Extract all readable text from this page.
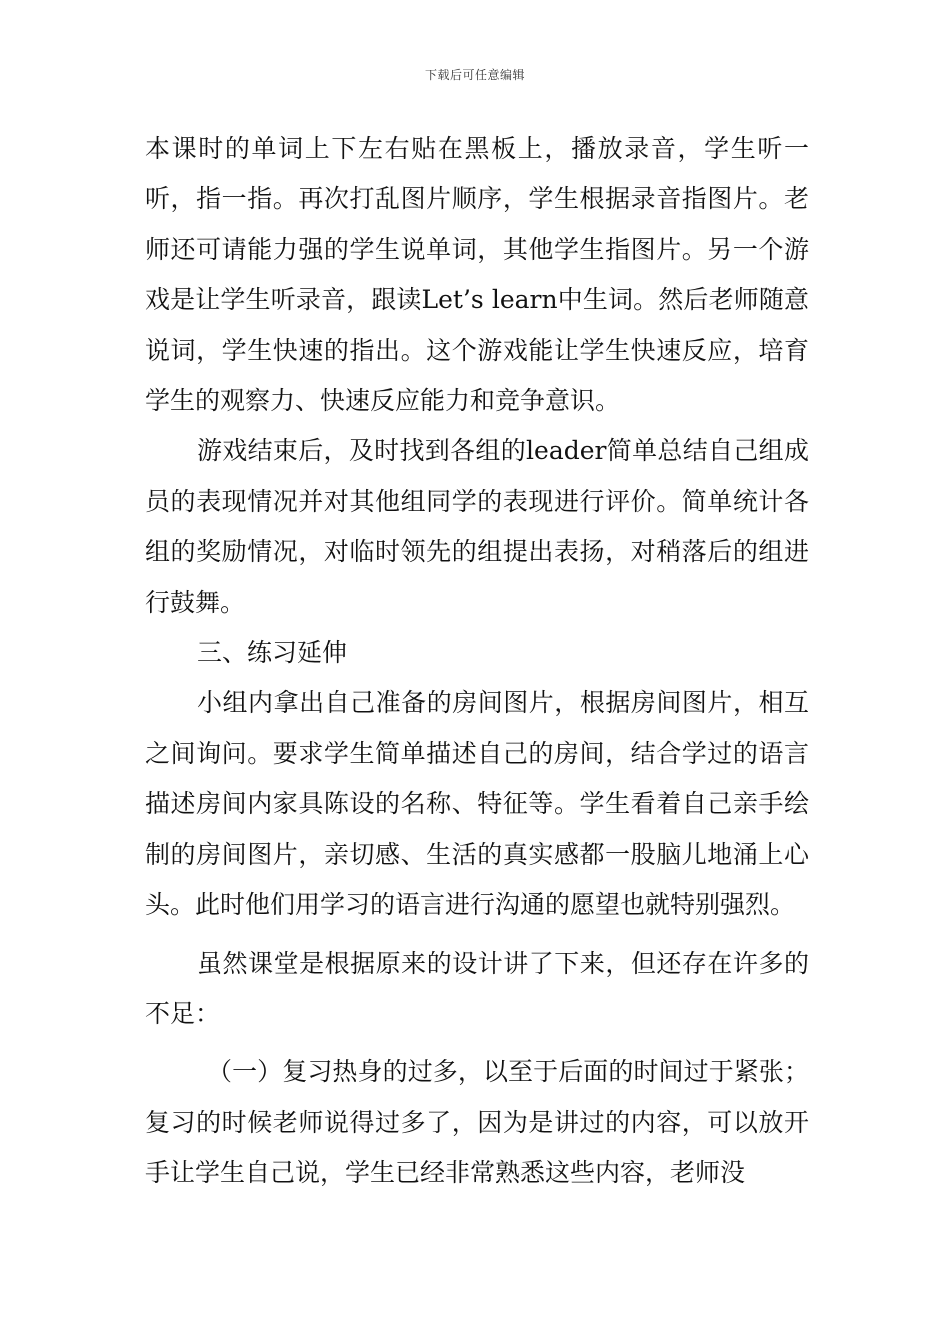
下载后可任意编辑

本课时的单词上下左右贴在黑板上，播放录音，学生听一听，指一指。再次打乱图片顺序，学生根据录音指图片。老师还可请能力强的学生说单词，其他学生指图片。另一个游戏是让学生听录音，跟读Let’s learn中生词。然后老师随意说词，学生快速的指出。这个游戏能让学生快速反应，培育学生的观察力、快速反应能力和竞争意识。

游戏结束后，及时找到各组的leader简单总结自己组成员的表现情况并对其他组同学的表现进行评价。简单统计各组的奖励情况，对临时领先的组提出表扬，对稍落后的组进行鼓舞。

三、练习延伸

小组内拿出自己准备的房间图片，根据房间图片，相互之间询问。要求学生简单描述自己的房间，结合学过的语言描述房间内家具陈设的名称、特征等。学生看着自己亲手绘制的房间图片，亲切感、生活的真实感都一股脑儿地涌上心头。此时他们用学习的语言进行沟通的愿望也就特别强烈。

虽然课堂是根据原来的设计讲了下来，但还存在许多的不足：

（一）复习热身的过多，以至于后面的时间过于紧张；复习的时候老师说得过多了，因为是讲过的内容，可以放开手让学生自己说，学生已经非常熟悉这些内容，老师没
